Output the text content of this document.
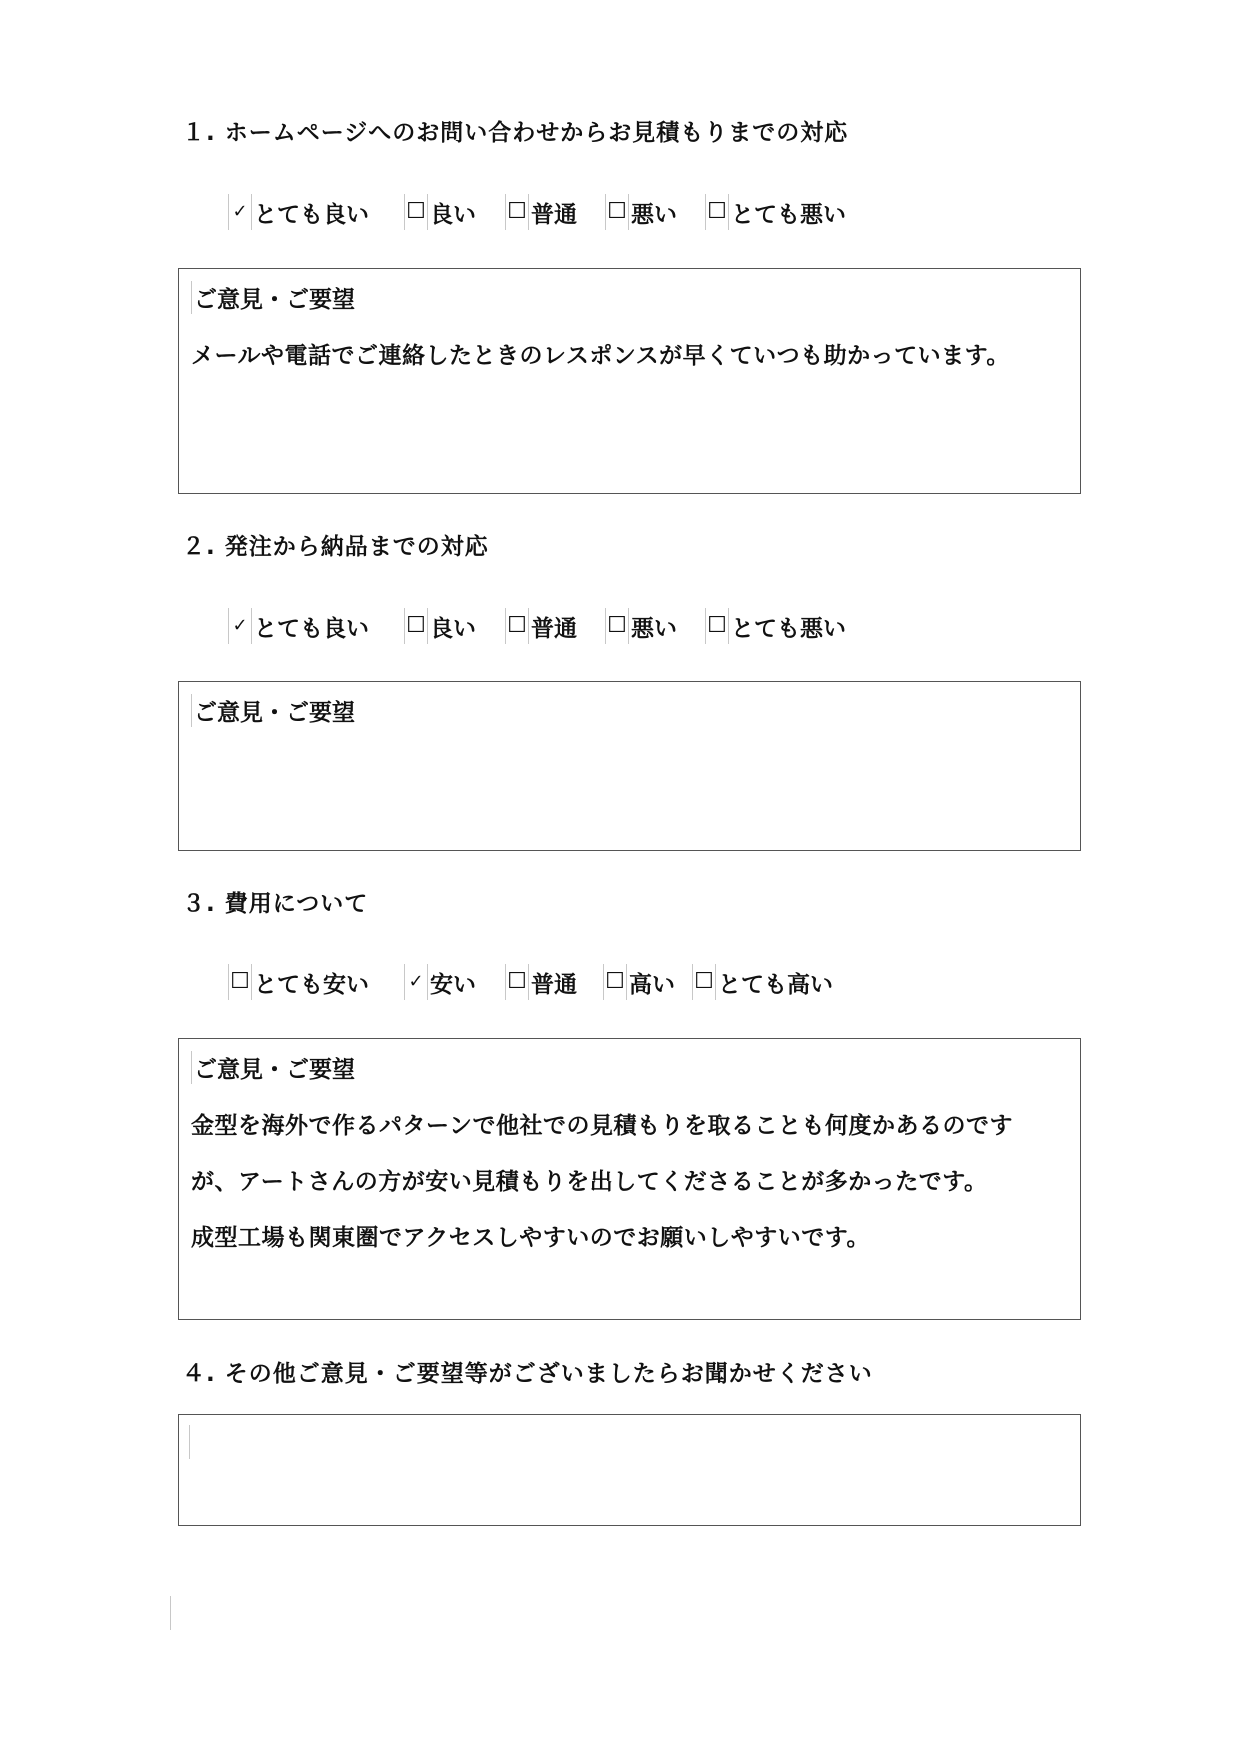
１. ホームページへのお問い合わせからお見積もりまでの対応
✓ とても良い ☐ 良い ☐ 普通 ☐ 悪い ☐ とても悪い
ご意見・ご要望
メールや電話でご連絡したときのレスポンスが早くていつも助かっています。
２. 発注から納品までの対応
✓ とても良い ☐ 良い ☐ 普通 ☐ 悪い ☐ とても悪い
ご意見・ご要望
３. 費用について
☐ とても安い ✓ 安い ☐ 普通 ☐ 高い ☐ とても高い
ご意見・ご要望
金型を海外で作るパターンで他社での見積もりを取ることも何度かあるのです
が、アートさんの方が安い見積もりを出してくださることが多かったです。
成型工場も関東圏でアクセスしやすいのでお願いしやすいです。
４. その他ご意見・ご要望等がございましたらお聞かせください
